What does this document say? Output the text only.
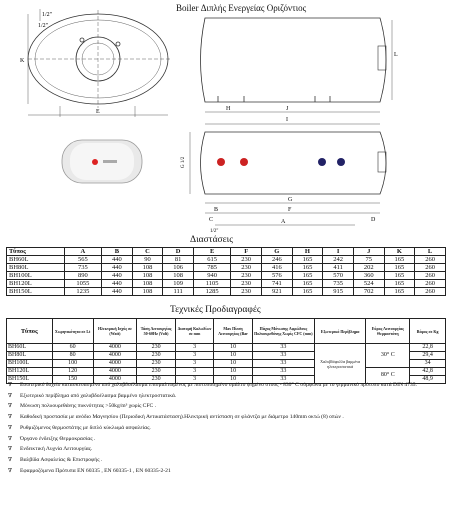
Boiler Διπλής Ενεργείας Οριζόντιος
1/2"
1/2"
K
E
L
J
H
I
G
F
B
A
C	D
1/2"
G 1/2
Διαστάσεις
Τύπος	A	B	C	D	E	F	G	H	I	J	K	L
BH60L	565	440	90	81	615	230	246	165	242	75	165	260
BH80L	735	440	108	106	785	230	416	165	411	202	165	260
BH100L	890	440	108	108	940	230	576	165	570	360	165	260
BH120L	1055	440	108	109	1105	230	741	165	735	524	165	260
BH150L	1235	440	108	111	1285	230	921	165	915	702	165	260
Τεχνικές Προδιαγραφές
Τύπος	Χωρητικότητα σε Lt	Ηλεκτρική Ισχύς σε (Watt)	Τάση Λειτουργίας 50-60Hz (Volt)	Διατομή Καλωδίων σε mm	Max Πίεση Λειτουργίας (Bar	Πάχος Μόνωσης Αφρώδους Πολυουρεθάνης Χωρίς CFC (mm)	Εξωτερικό Περίβλημα	Εύρος Λειτουργίας Θερμοστάτη	Βάρος σε Kg
BH60L	60	4000	230	3	10	33	Χαλυβδόφυλλα βαμμένα ηλεκτροστατικά	30° C	22,8
BH80L	80	4000	230	3	10	33			29,4
BH100L	100	4000	230	3	10	33			34
BH120L	120	4000	230	3	10	33		80° C	42,8
BH150L	150	4000	230	3	10	33			48,9
∇	Εσωτερικό δοχείο κατασκευασμένο από χαλυβδοέλασμα επισμαλτωμένος με πιστοποιημένο σμάλτο ψημένο στους - 830° C σύμφωνα με το γερμανικό πρότυπο κατά DIN 4735.
∇	Εξωτερικό περίβλημα από χαλυβδοέλασμα βαμμένο ηλεκτροστατικά.
∇	Μόνωση πολυουρεθάνης πυκνότητας >50kg/m³ χωρίς CFC .
∇	Καθοδική προστασία με ανόδιο Μαγνησίου (Περιοδική Αντικατάσταση).Ηλεκτρική αντίσταση σε φλάντζα με διάμετρο 140mm οκτώ (8) οπών .
∇	Ρυθμιζόμενος θερμοστάτης με διπλό κύκλωμά ασφαλείας.
∇	Όργανο ένδειξης Θερμοκρασίας .
∇	Ενδεικτική Λυχνία Λειτουργίας.
∇	Βαλβίδα Ασφαλείας & Επιστροφής .
∇	Εφαρμοζόμενα Πρότυπα EN 60335 , EN 60335-1 , EN 60335-2-21
